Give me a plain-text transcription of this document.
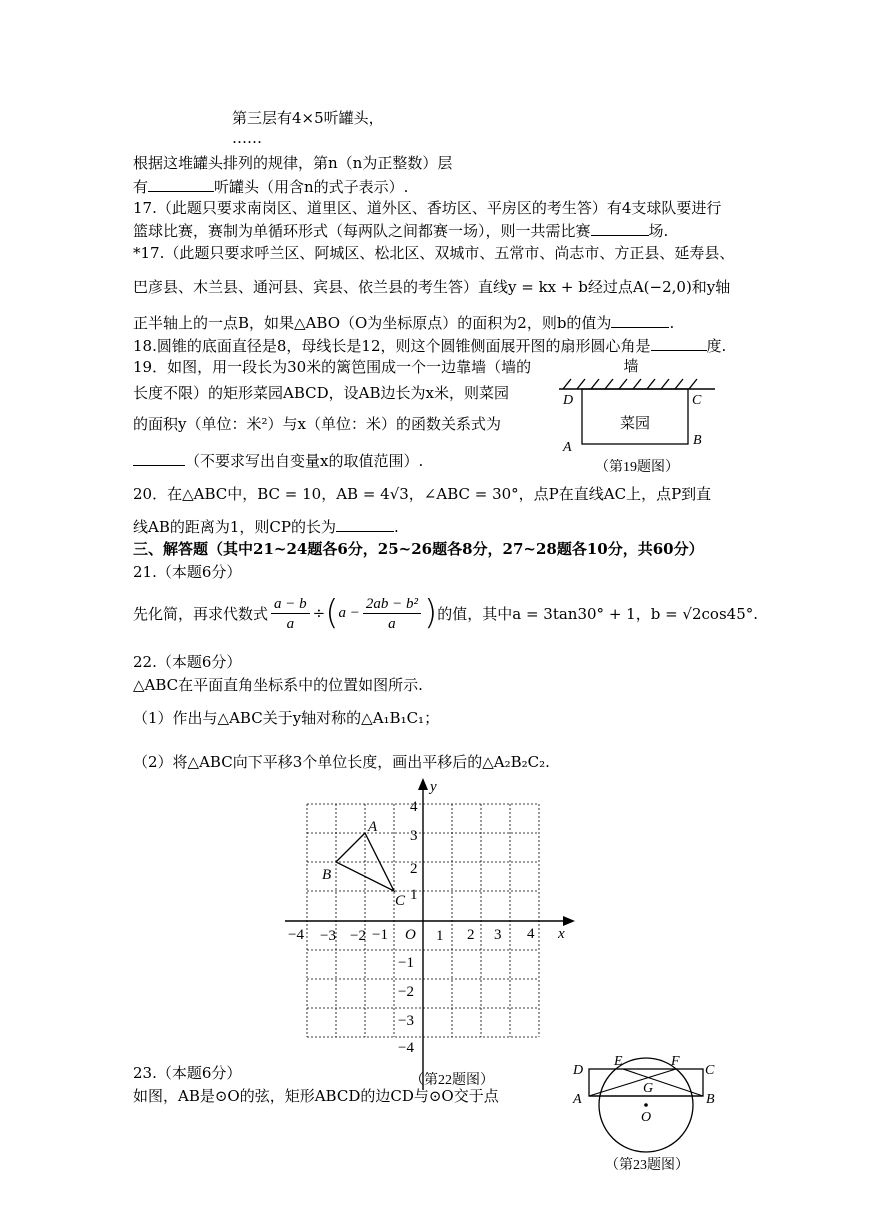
第三层有4×5听罐头，
……
根据这堆罐头排列的规律，第n（n为正整数）层
有	听罐头（用含n的式子表示）.
17.（此题只要求南岗区、道里区、道外区、香坊区、平房区的考生答）有4支球队要进行
篮球比赛，赛制为单循环形式（每两队之间都赛一场），则一共需比赛	场.
*17.（此题只要求呼兰区、阿城区、松北区、双城市、五常市、尚志市、方正县、延寿县、
巴彦县、木兰县、通河县、宾县、依兰县的考生答）直线y = kx + b经过点A(−2,0)和y轴
正半轴上的一点B，如果△ABO（O为坐标原点）的面积为2，则b的值为	.
18.圆锥的底面直径是8，母线长是12，则这个圆锥侧面展开图的扇形圆心角是	度.
19．如图，用一段长为30米的篱笆围成一个一边靠墙（墙的
长度不限）的矩形菜园ABCD，设AB边长为x米，则菜园
的面积y（单位：米²）与x（单位：米）的函数关系式为
（不要求写出自变量x的取值范围）.
墙
菜园
D	C
A	B
（第19题图）
20．在△ABC中，BC = 10，AB = 4√3，∠ABC = 30°，点P在直线AC上，点P到直
线AB的距离为1，则CP的长为	.
三、解答题（其中21~24题各6分，25~26题各8分，27~28题各10分，共60分）
21.（本题6分）
先化简，再求代数式 $\frac{a - b}{a}$ ÷ ( $a - \frac{\text{2ab − b²}}{a}$ ) 的值，其中a = 3tan30° + 1，b = √2cos45°.
22.（本题6分）
△ABC在平面直角坐标系中的位置如图所示.
（1）作出与△ABC关于y轴对称的△A₁B₁C₁；
（2）将△ABC向下平移3个单位长度，画出平移后的△A₂B₂C₂.
x
y
O
−4 −3 −2 −1	1 2 3 4
4
3
2
1
−1
−2
−3
−4
A
B
C
（第22题图）
23.（本题6分）
如图，AB是⊙O的弦，矩形ABCD的边CD与⊙O交于点
D	C
A	B
E	F
G
O
（第23题图）
